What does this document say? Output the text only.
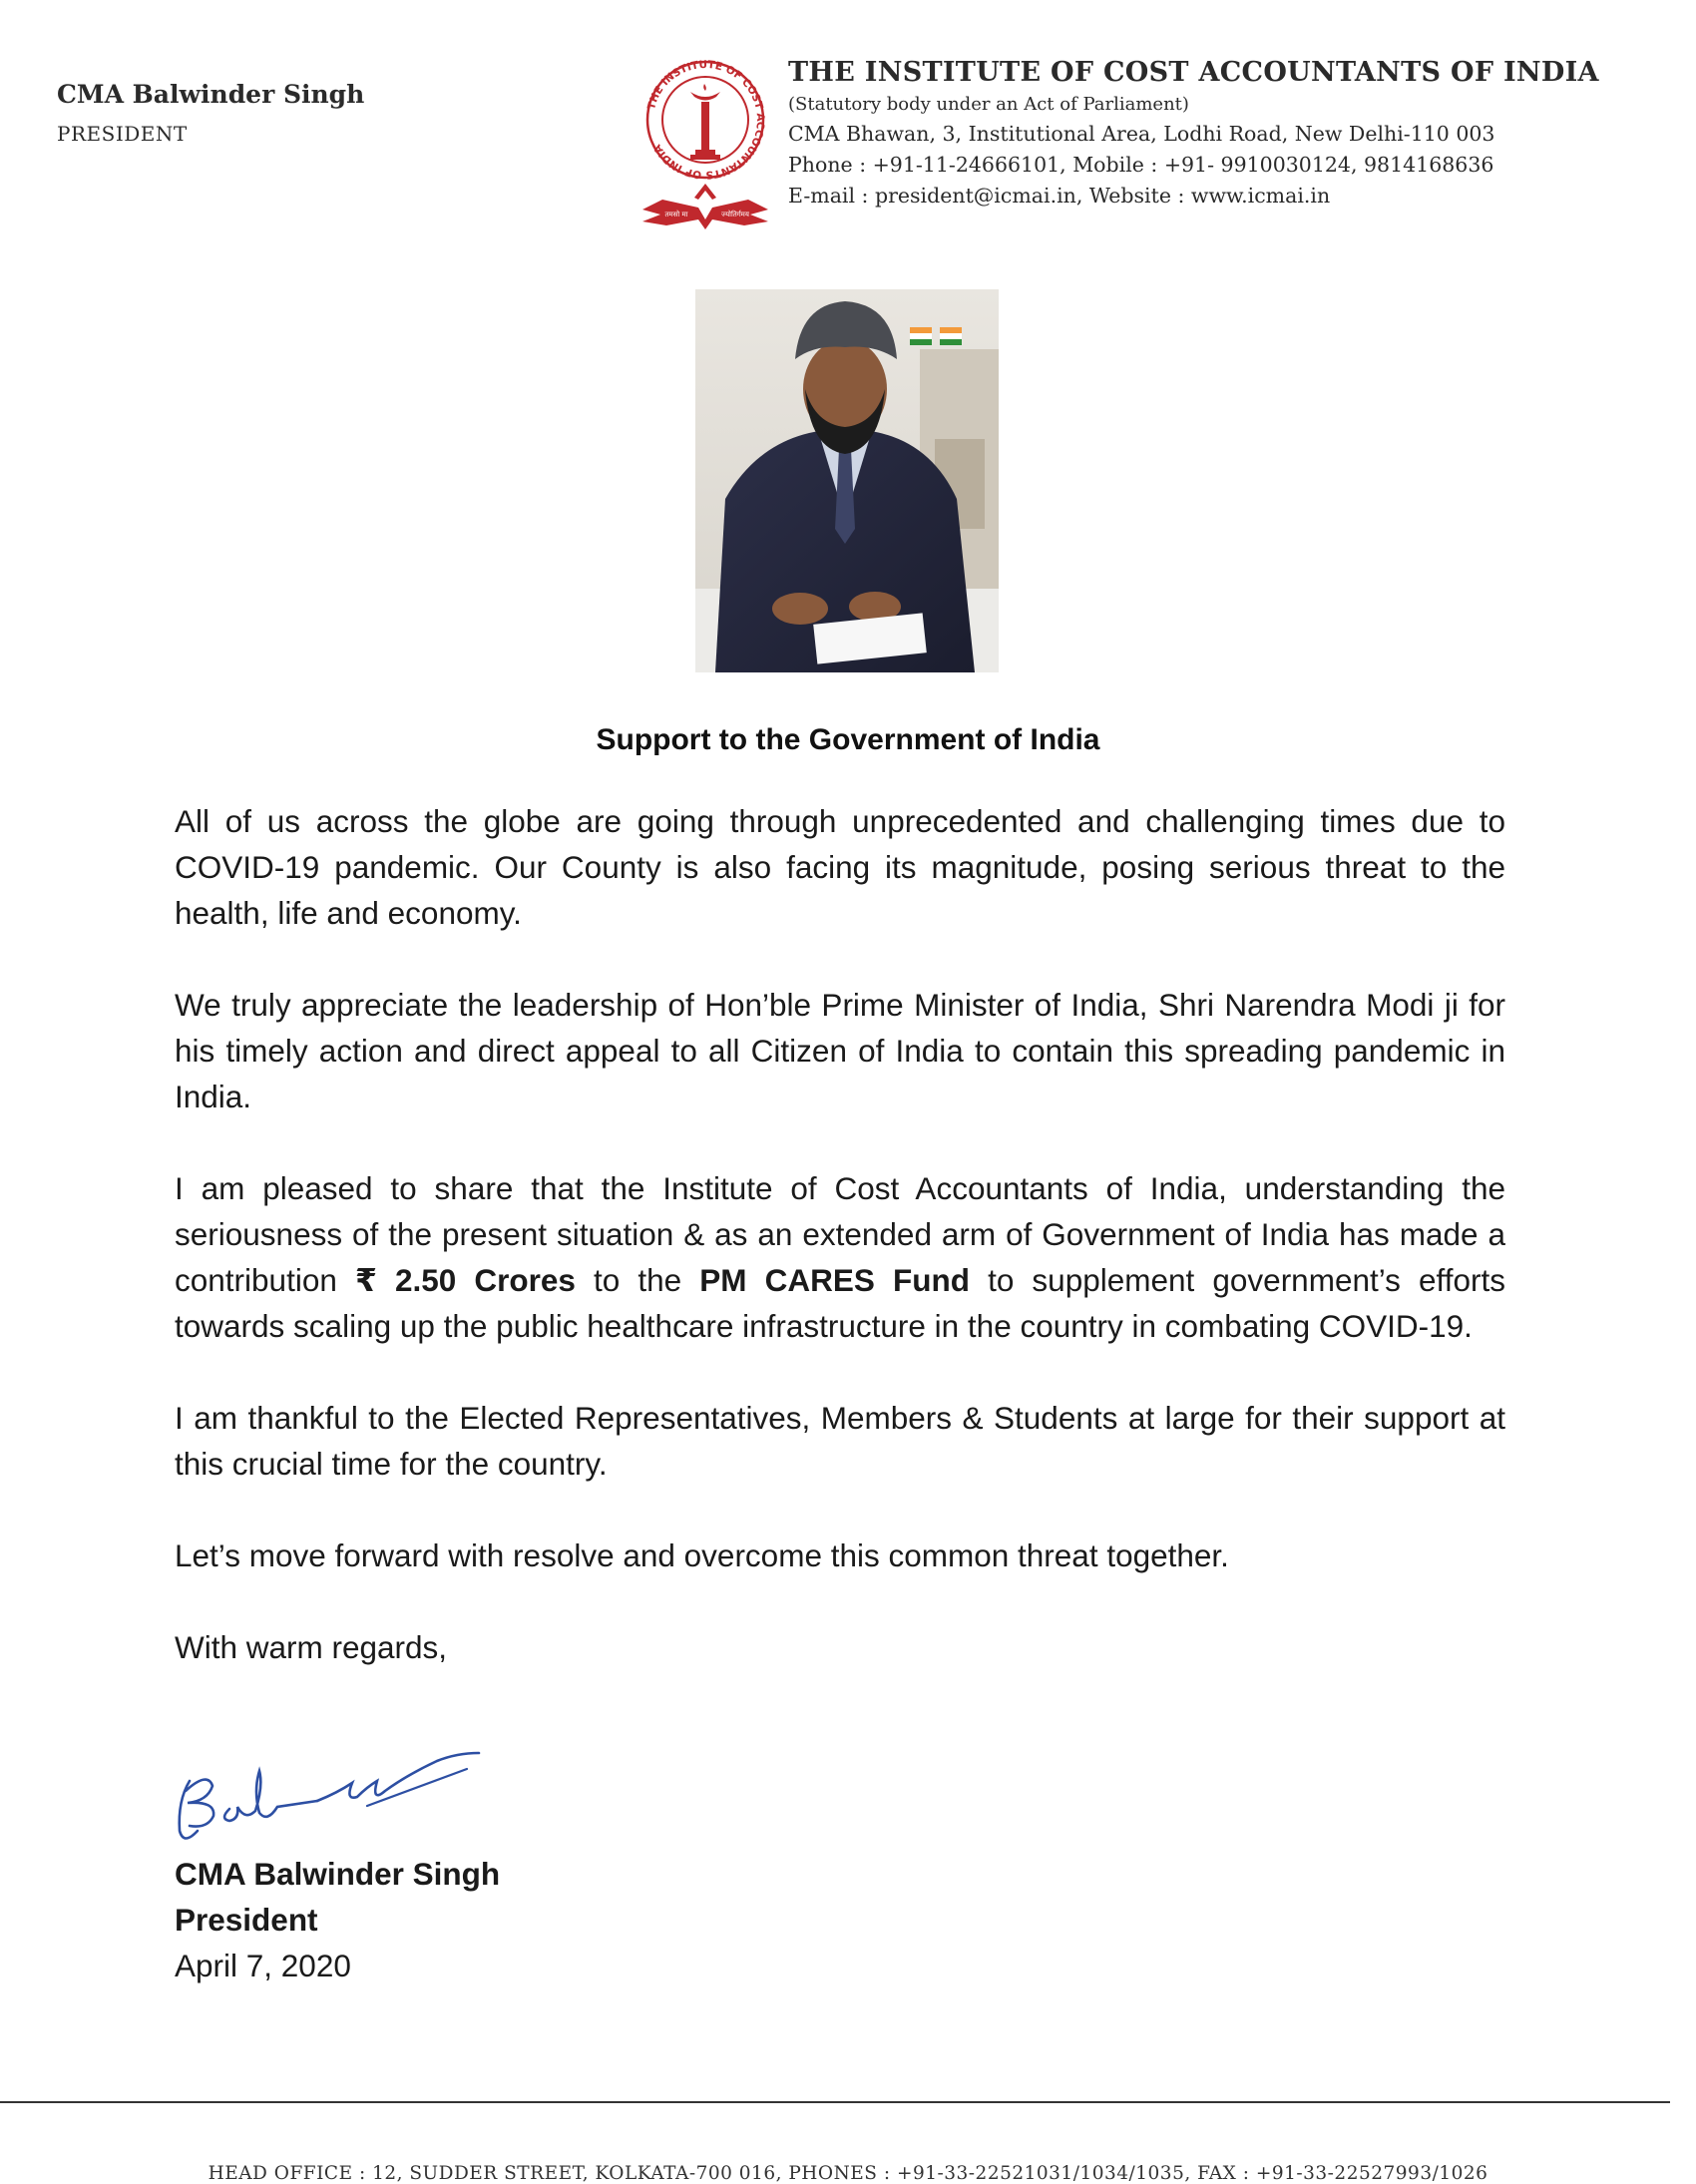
CMA Balwinder Singh
PRESIDENT
THE INSTITUTE OF COST ACCOUNTANTS OF INDIA
तमसो मा	ज्योतिर्गमय
THE INSTITUTE OF COST ACCOUNTANTS OF INDIA
(Statutory body under an Act of Parliament)
CMA Bhawan, 3, Institutional Area, Lodhi Road, New Delhi-110 003
Phone : +91-11-24666101, Mobile : +91- 9910030124, 9814168636
E-mail : president@icmai.in, Website : www.icmai.in
Support to the Government of India

All of us across the globe are going through unprecedented and challenging times due to COVID-19 pandemic. Our County is also facing its magnitude, posing serious threat to the health, life and economy.

We truly appreciate the leadership of Hon’ble Prime Minister of India, Shri Narendra Modi ji for his timely action and direct appeal to all Citizen of India to contain this spreading pandemic in India.

I am pleased to share that the Institute of Cost Accountants of India, understanding the seriousness of the present situation & as an extended arm of Government of India has made a contribution ₹ 2.50 Crores to the PM CARES Fund to supplement government’s efforts towards scaling up the public healthcare infrastructure in the country in combating COVID-19.

I am thankful to the Elected Representatives, Members & Students at large for their support at this crucial time for the country.

Let’s move forward with resolve and overcome this common threat together.

With warm regards,

CMA Balwinder Singh
President
April 7, 2020
HEAD OFFICE : 12, SUDDER STREET, KOLKATA-700 016, PHONES : +91-33-22521031/1034/1035, FAX : +91-33-22527993/1026
